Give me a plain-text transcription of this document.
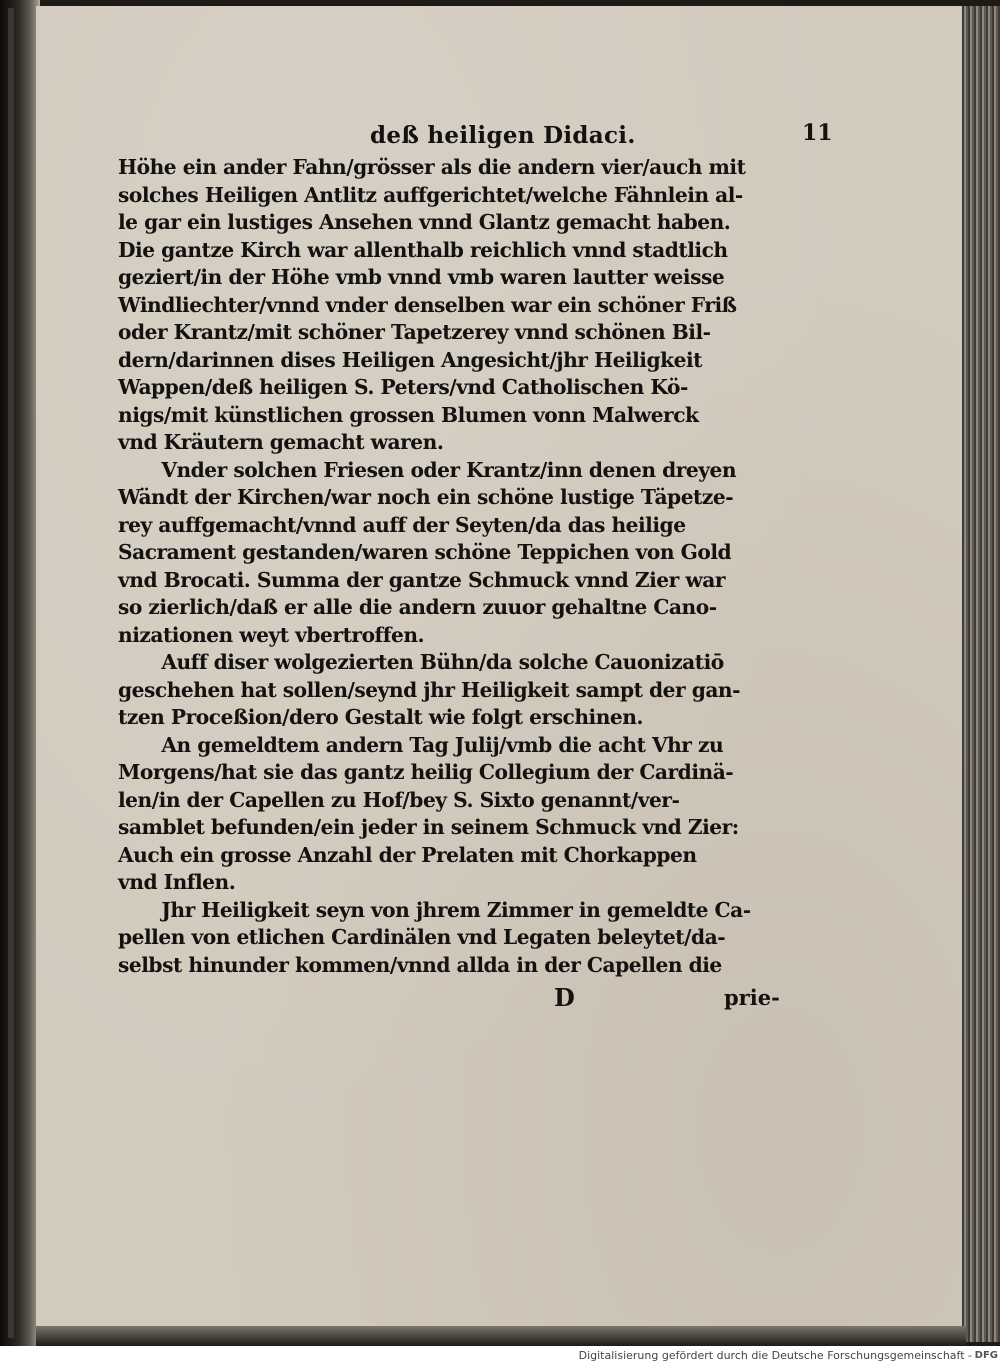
deß heiligen Didaci.	11
Höhe ein ander Fahn/grösser als die andern vier/auch mit
solches Heiligen Antlitz auffgerichtet/welche Fähnlein al-
le gar ein lustiges Ansehen vnnd Glantz gemacht haben.
Die gantze Kirch war allenthalb reichlich vnnd stadtlich
geziert/in der Höhe vmb vnnd vmb waren lautter weisse
Windliechter/vnnd vnder denselben war ein schöner Friß
oder Krantz/mit schöner Tapetzerey vnnd schönen Bil-
dern/darinnen dises Heiligen Angesicht/jhr Heiligkeit
Wappen/deß heiligen S. Peters/vnd Catholischen Kö-
nigs/mit künstlichen grossen Blumen vonn Malwerck
vnd Kräutern gemacht waren.
Vnder solchen Friesen oder Krantz/inn denen dreyen
Wändt der Kirchen/war noch ein schöne lustige Täpetze-
rey auffgemacht/vnnd auff der Seyten/da das heilige
Sacrament gestanden/waren schöne Teppichen von Gold
vnd Brocati. Summa der gantze Schmuck vnnd Zier war
so zierlich/daß er alle die andern zuuor gehaltne Cano-
nizationen weyt vbertroffen.
Auff diser wolgezierten Bühn/da solche Cauonizatiō
geschehen hat sollen/seynd jhr Heiligkeit sampt der gan-
tzen Proceßion/dero Gestalt wie folgt erschinen.
An gemeldtem andern Tag Julij/vmb die acht Vhr zu
Morgens/hat sie das gantz heilig Collegium der Cardinä-
len/in der Capellen zu Hof/bey S. Sixto genannt/ver-
samblet befunden/ein jeder in seinem Schmuck vnd Zier:
Auch ein grosse Anzahl der Prelaten mit Chorkappen
vnd Inflen.
Jhr Heiligkeit seyn von jhrem Zimmer in gemeldte Ca-
pellen von etlichen Cardinälen vnd Legaten beleytet/da-
selbst hinunder kommen/vnnd allda in der Capellen die
D	prie-
Digitalisierung gefördert durch die Deutsche Forschungsgemeinschaft - DFG
